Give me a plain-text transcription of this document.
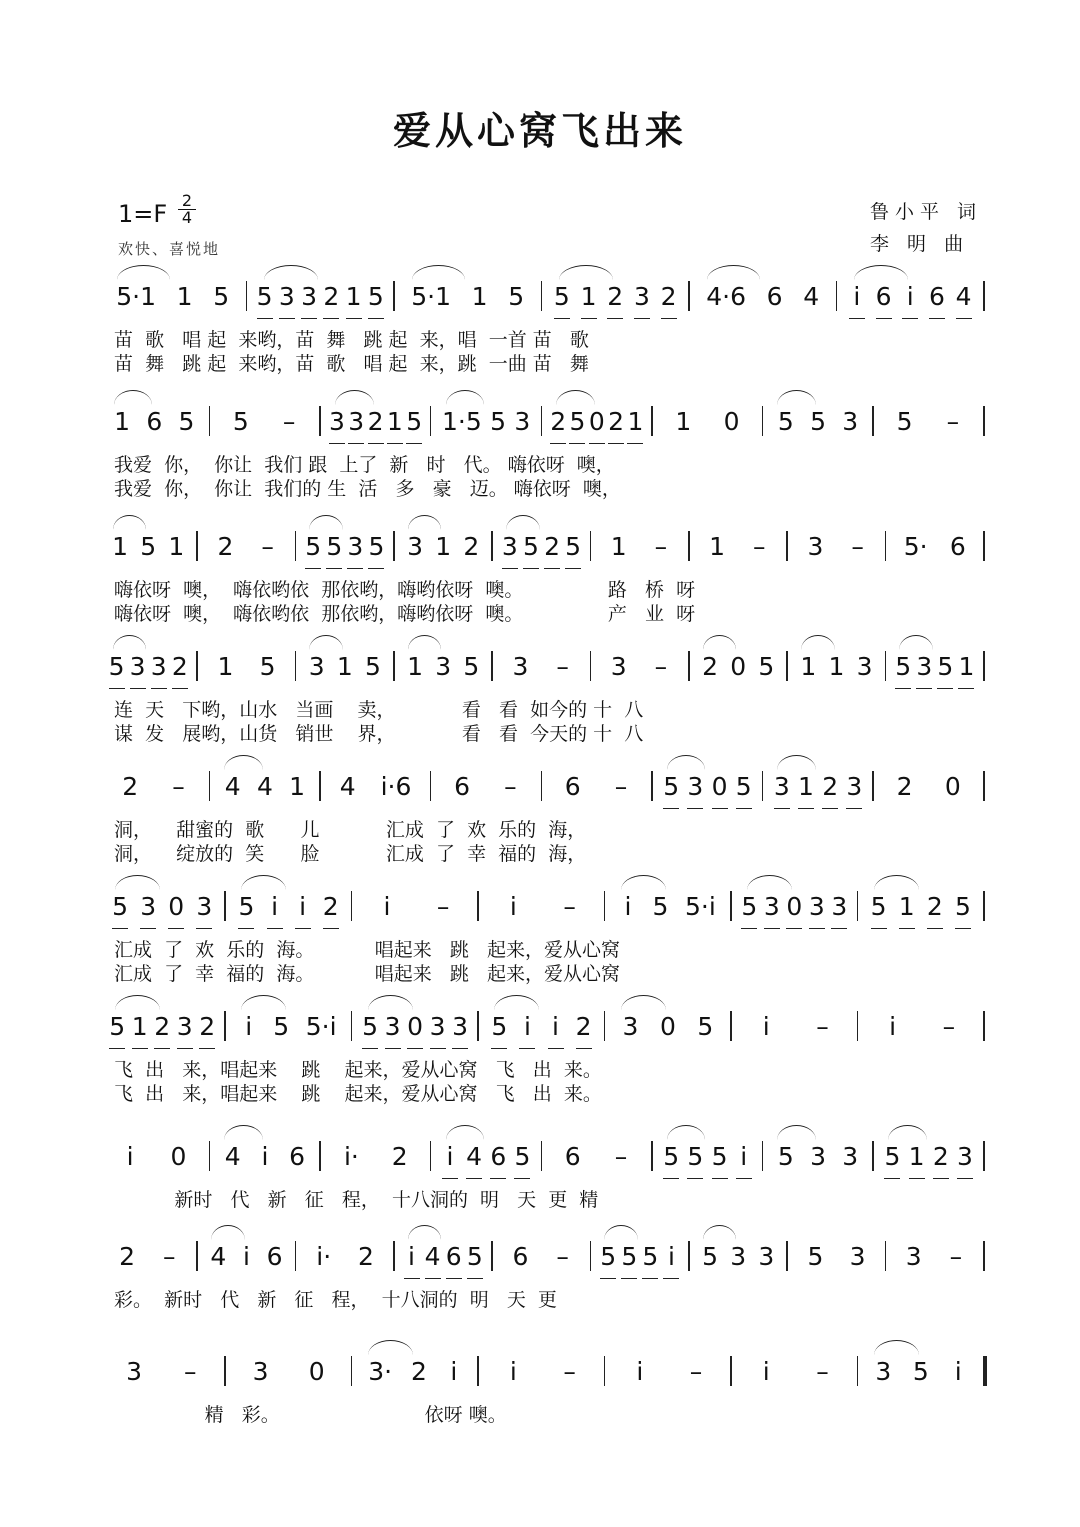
爱从心窝飞出来
1=F 2
4
欢快、喜悦地
鲁小平 词
李 明 曲
5·1 1 5 5 3 3 2 1 5 5·1 1 5 5 1 2 3 2 4·6 6 4 i 6 i 6 4
苗  歌   唱 起  来哟，苗  舞   跳 起  来，唱  一首 苗   歌
苗  舞   跳 起  来哟，苗  歌   唱 起  来，跳  一曲 苗   舞
1 6 5 5 – 3 3 2 1 5 1·5 5 3 2 5 0 2 1 1 0 5 5 3 5 –
我爱  你，  你让  我们 跟  上了  新   时   代。 嗨依呀  噢，
我爱  你，  你让  我们的 生  活   多   豪   迈。 嗨依呀  噢，
1 5 1 2 – 5 5 3 5 3 1 2 3 5 2 5 1 – 1 – 3 – 5· 6
嗨依呀  噢，  嗨依哟依  那依哟，嗨哟依呀  噢。              路   桥  呀
嗨依呀  噢，  嗨依哟依  那依哟，嗨哟依呀  噢。              产   业  呀
5 3 3 2 1 5 3 1 5 1 3 5 3 – 3 – 2 0 5 1 1 3 5 3 5 1
连  天   下哟，山水   当画    卖，           看   看  如今的 十  八
谋  发   展哟，山货   销世    界，           看   看  今天的 十  八
2 – 4 4 1 4 i·6 6 – 6 – 5 3 0 5 3 1 2 3 2 0
洞，    甜蜜的  歌      儿           汇成  了  欢  乐的  海，
洞，    绽放的  笑      脸           汇成  了  幸  福的  海，
5 3 0 3 5 i i 2 i – i – i 5 5·i 5 3 0 3 3 5 1 2 5
汇成  了  欢  乐的  海。          唱起来   跳   起来，爱从心窝
汇成  了  幸  福的  海。          唱起来   跳   起来，爱从心窝
5 1 2 3 2 i 5 5·i 5 3 0 3 3 5 i i 2 3 0 5 i – i –
飞  出   来，唱起来    跳    起来，爱从心窝   飞   出  来。
飞  出   来，唱起来    跳    起来，爱从心窝   飞   出  来。
i 0 4 i 6 i· 2 i 4 6 5 6 – 5 5 5 i 5 3 3 5 1 2 3
新时   代   新   征   程，  十八洞的  明   天  更  精
2 – 4 i 6 i· 2 i 4 6 5 6 – 5 5 5 i 5 3 3 5 3 3 –
彩。  新时   代   新   征   程，  十八洞的  明   天  更
3 – 3 0 3· 2 i i – i – i – 3 5 i
精   彩。                        依呀 噢。
